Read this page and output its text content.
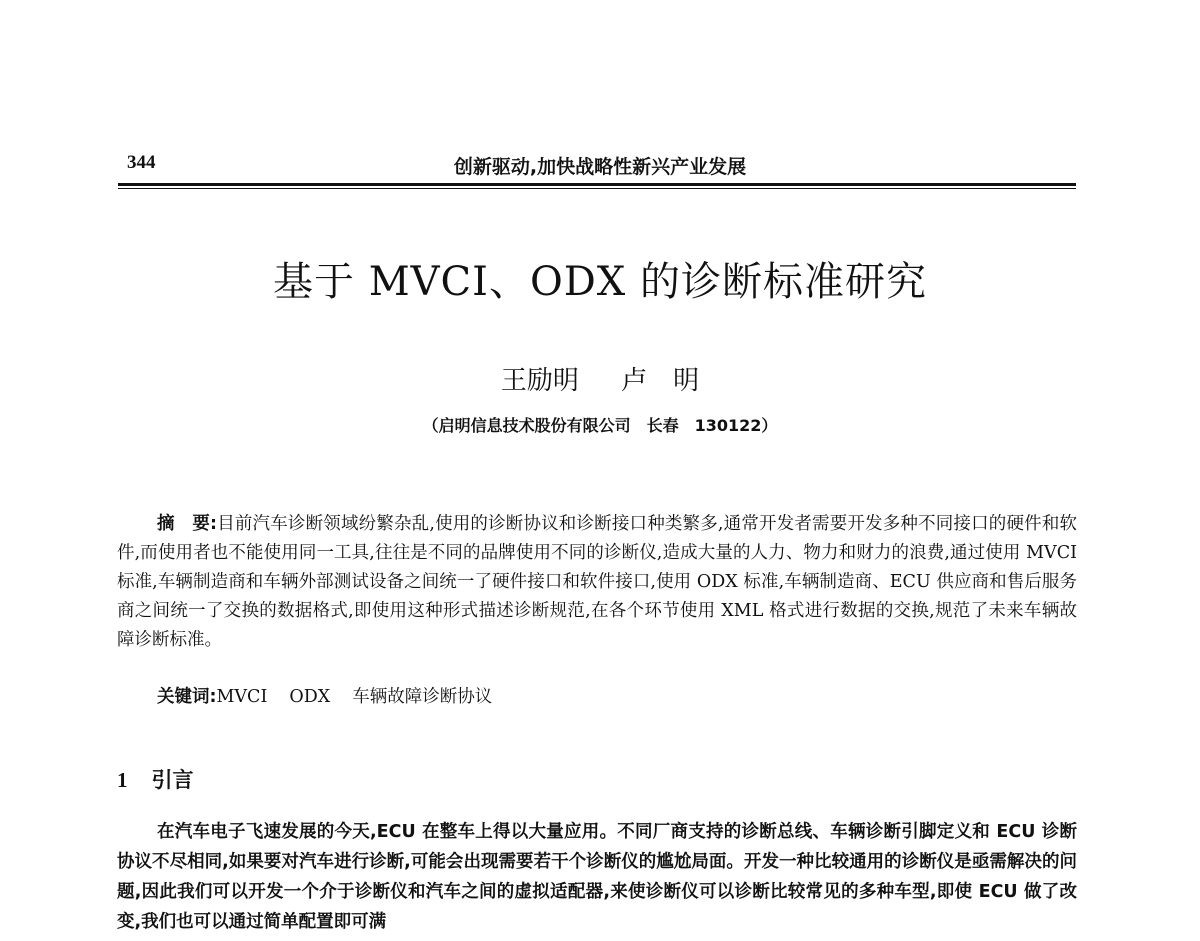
344	创新驱动,加快战略性新兴产业发展
基于 MVCI、ODX 的诊断标准研究
王励明 卢　明
（启明信息技术股份有限公司　长春　130122）

摘　要:目前汽车诊断领域纷繁杂乱,使用的诊断协议和诊断接口种类繁多,通常开发者需要开发多种不同接口的硬件和软件,而使用者也不能使用同一工具,往往是不同的品牌使用不同的诊断仪,造成大量的人力、物力和财力的浪费,通过使用 MVCI 标准,车辆制造商和车辆外部测试设备之间统一了硬件接口和软件接口,使用 ODX 标准,车辆制造商、ECU 供应商和售后服务商之间统一了交换的数据格式,即使用这种形式描述诊断规范,在各个环节使用 XML 格式进行数据的交换,规范了未来车辆故障诊断标准。

关键词:MVCI ODX 车辆故障诊断协议
1 引言

在汽车电子飞速发展的今天,ECU 在整车上得以大量应用。不同厂商支持的诊断总线、车辆诊断引脚定义和 ECU 诊断协议不尽相同,如果要对汽车进行诊断,可能会出现需要若干个诊断仪的尴尬局面。开发一种比较通用的诊断仪是亟需解决的问题,因此我们可以开发一个介于诊断仪和汽车之间的虚拟适配器,来使诊断仪可以诊断比较常见的多种车型,即使 ECU 做了改变,我们也可以通过简单配置即可满
